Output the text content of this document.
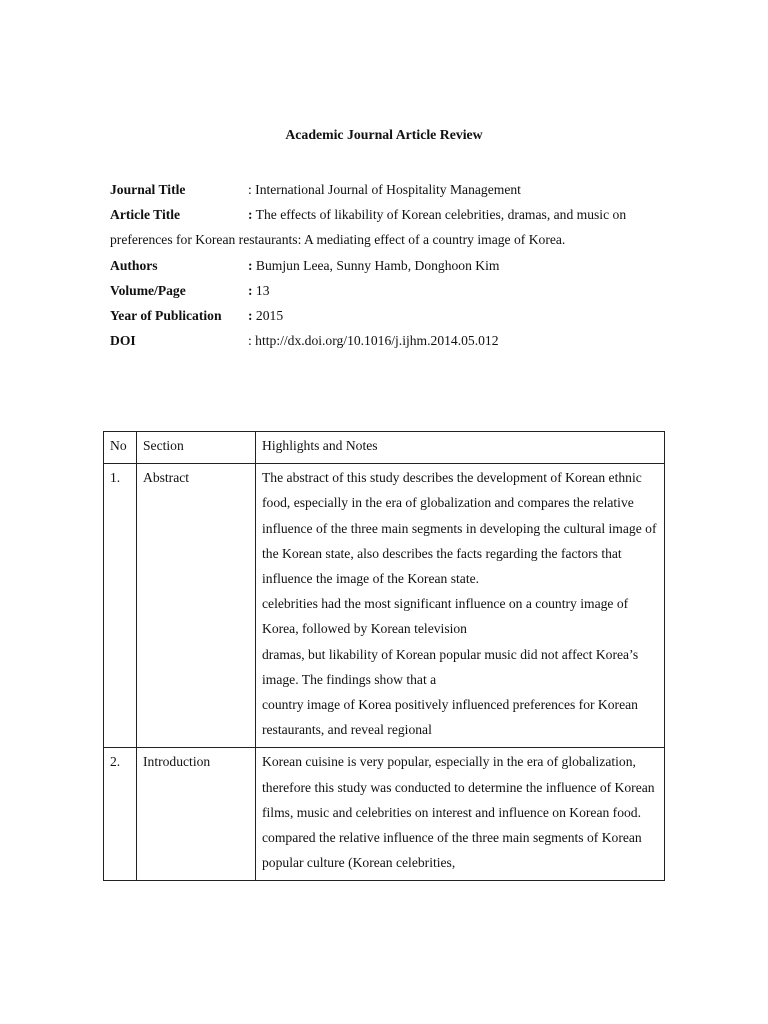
Academic Journal Article Review
Journal Title	: International Journal of Hospitality Management
Article Title	: The effects of likability of Korean celebrities, dramas, and music on preferences for Korean restaurants: A mediating effect of a country image of Korea.
Authors	: Bumjun Leea, Sunny Hamb, Donghoon Kim
Volume/Page	: 13
Year of Publication : 2015
DOI	: http://dx.doi.org/10.1016/j.ijhm.2014.05.012
No	Section	Highlights and Notes
1.	Abstract	The abstract of this study describes the development of Korean ethnic food, especially in the era of globalization and compares the relative influence of the three main segments in developing the cultural image of the Korean state, also describes the facts regarding the factors that influence the image of the Korean state.
celebrities had the most significant influence on a country image of Korea, followed by Korean television
dramas, but likability of Korean popular music did not affect Korea’s image. The findings show that a
country image of Korea positively influenced preferences for Korean restaurants, and reveal regional

2.	Introduction	Korean cuisine is very popular, especially in the era of globalization, therefore this study was conducted to determine the influence of Korean films, music and celebrities on interest and influence on Korean food.
compared the relative influence of the three main segments of Korean popular culture (Korean celebrities,
